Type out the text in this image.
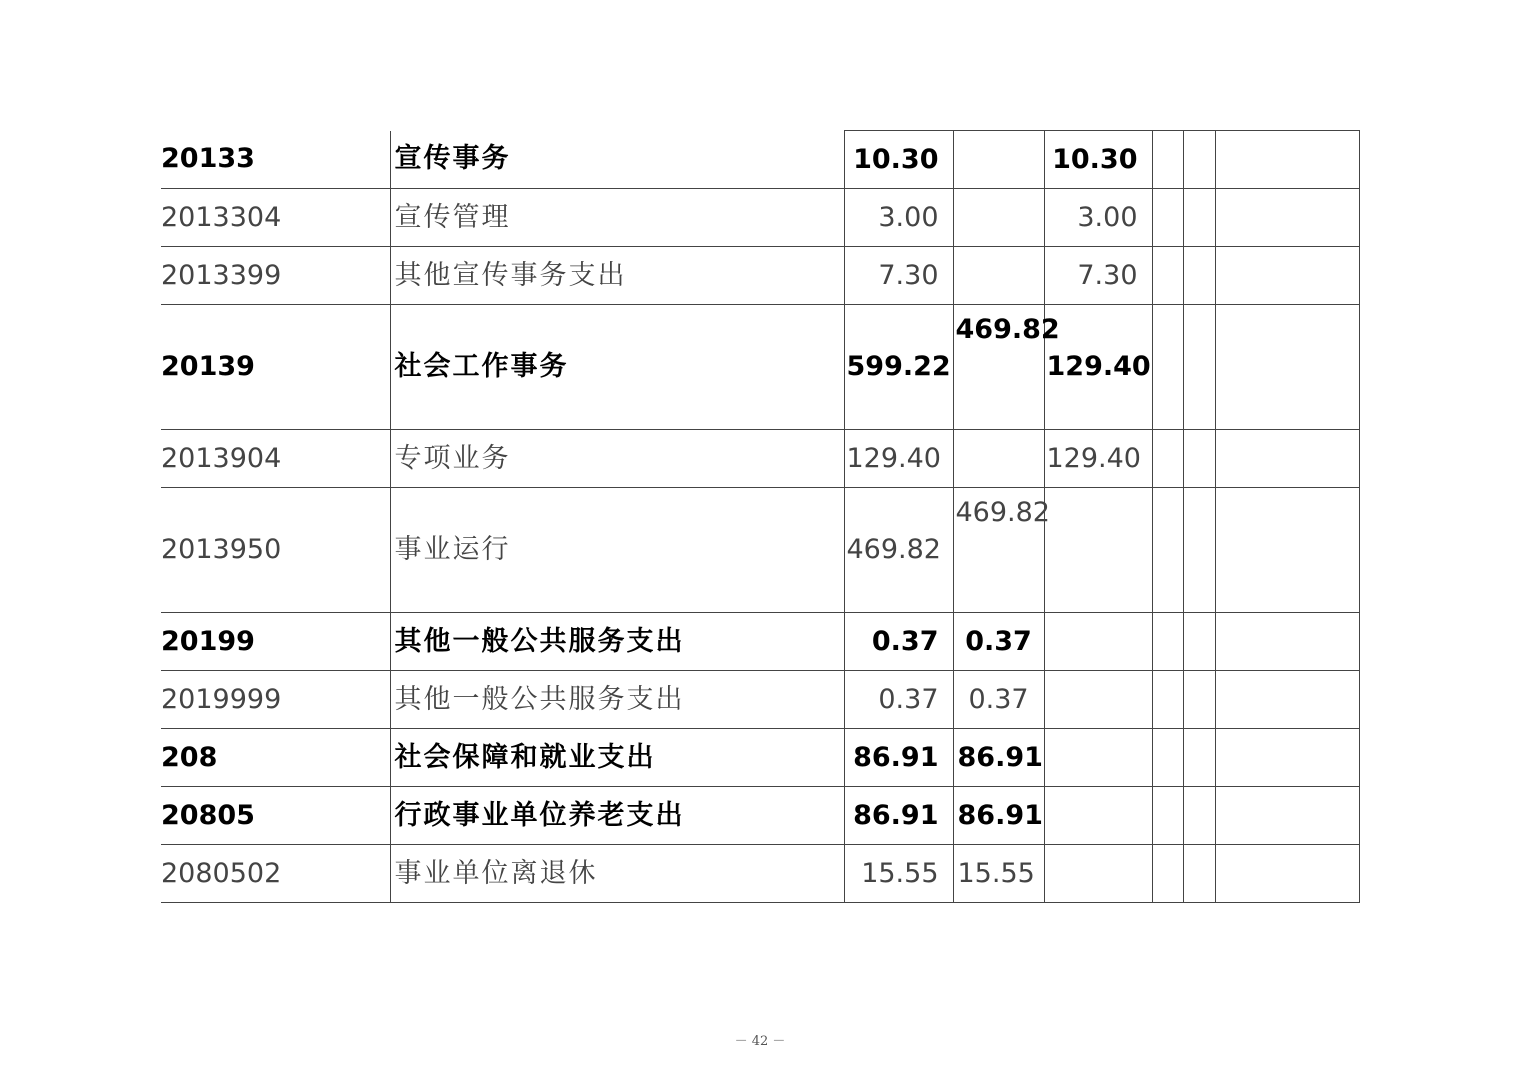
20133	宣传事务	10.30		10.30			
2013304	宣传管理	3.00		3.00			
2013399	其他宣传事务支出	7.30		7.30			
20139	社会工作事务	599.22	469.82	129.40			
2013904	专项业务	129.40		129.40			
2013950	事业运行	469.82	469.82				
20199	其他一般公共服务支出	0.37	0.37				
2019999	其他一般公共服务支出	0.37	0.37				
208	社会保障和就业支出	86.91	86.91				
20805	行政事业单位养老支出	86.91	86.91				
2080502	事业单位离退休	15.55	15.55				
－ 42 －
